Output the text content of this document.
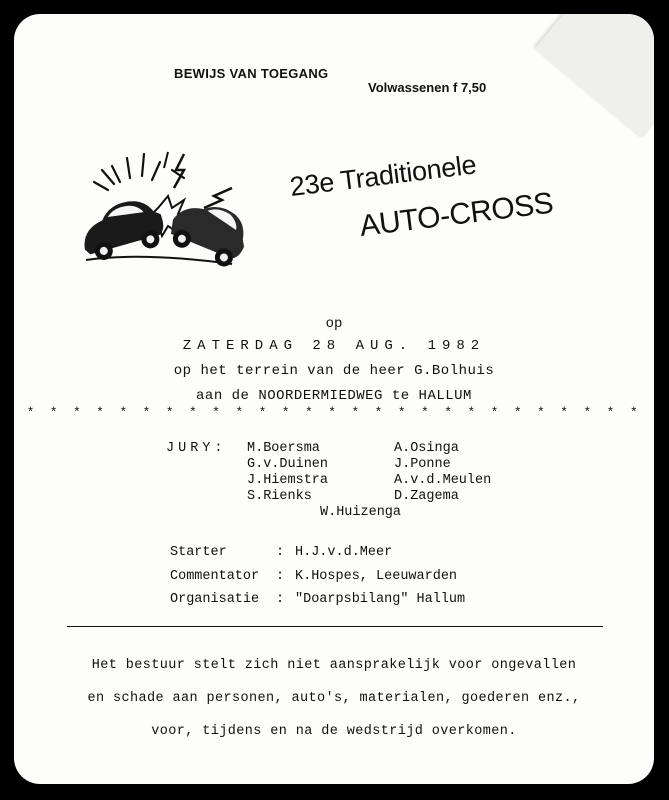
BEWIJS VAN TOEGANG
Volwassenen f 7,50
23e Traditionele
AUTO-CROSS
op
ZATERDAG 28 AUG. 1982
op het terrein van de heer G.Bolhuis
aan de NOORDERMIEDWEG te HALLUM
* * * * * * * * * * * * * * * * * * * * * * * * * * *
JURY: M.Boersma
G.v.Duinen
J.Hiemstra
S.Rienks
A.Osinga
J.Ponne
A.v.d.Meulen
D.Zagema
W.Huizenga
Starter	: H.J.v.d.Meer
Commentator : K.Hospes, Leeuwarden
Organisatie : "Doarpsbilang" Hallum
Het bestuur stelt zich niet aansprakelijk voor ongevallen
en schade aan personen, auto's, materialen, goederen enz.,
voor, tijdens en na de wedstrijd overkomen.
